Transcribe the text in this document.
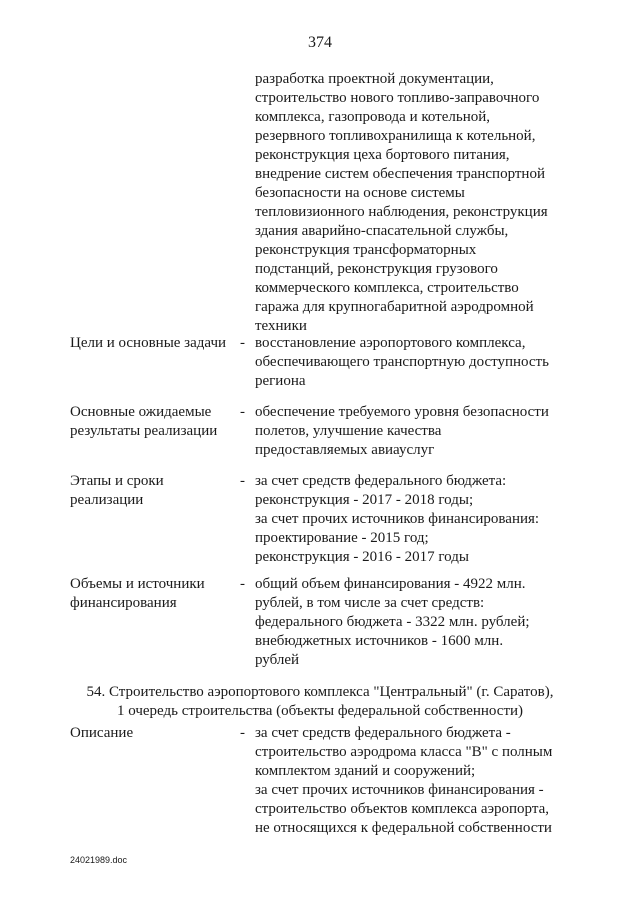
374
разработка проектной документации,
строительство нового топливо-заправочного
комплекса, газопровода и котельной,
резервного топливохранилища к котельной,
реконструкция цеха бортового питания,
внедрение систем обеспечения транспортной
безопасности на основе системы
тепловизионного наблюдения, реконструкция
здания аварийно-спасательной службы,
реконструкция трансформаторных
подстанций, реконструкция грузового
коммерческого комплекса, строительство
гаража для крупногабаритной аэродромной
техники
Цели и основные задачи - восстановление аэропортового комплекса,
обеспечивающего транспортную доступность
региона
Основные ожидаемые
результаты реализации
- обеспечение требуемого уровня безопасности
полетов, улучшение качества
предоставляемых авиауслуг
Этапы и сроки
реализации
- за счет средств федерального бюджета:
реконструкция - 2017 - 2018 годы;
за счет прочих источников финансирования:
проектирование - 2015 год;
реконструкция - 2016 - 2017 годы
Объемы и источники
финансирования
- общий объем финансирования - 4922 млн.
рублей, в том числе за счет средств:
федерального бюджета - 3322 млн. рублей;
внебюджетных источников - 1600 млн.
рублей
54. Строительство аэропортового комплекса "Центральный" (г. Саратов),
1 очередь строительства (объекты федеральной собственности)
Описание	- за счет средств федерального бюджета -
строительство аэродрома класса "В" с полным
комплектом зданий и сооружений;
за счет прочих источников финансирования -
строительство объектов комплекса аэропорта,
не относящихся к федеральной собственности
24021989.doc
